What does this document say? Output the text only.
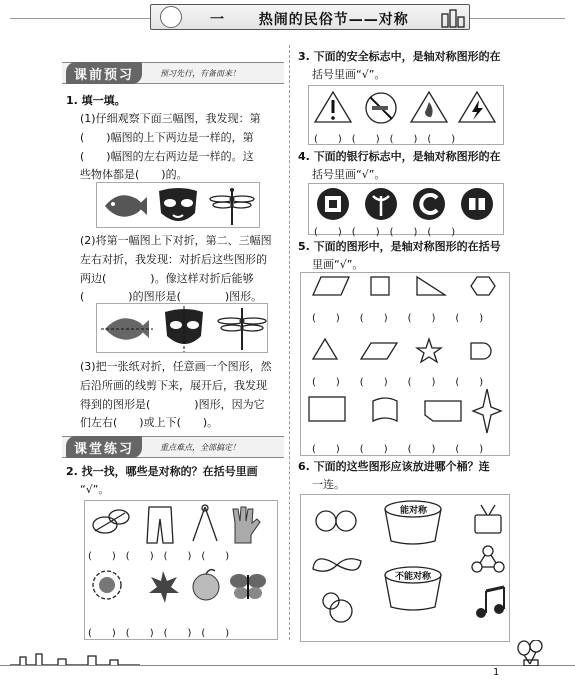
一 热闹的民俗节——对称
课前预习	预习先行，有备而来！
1. 填一填。
(1)仔细观察下面三幅图，我发现：第
(　　)幅图的上下两边是一样的，第
(　　)幅图的左右两边是一样的。这
些物体都是(　　)的。
(2)将第一幅图上下对折，第二、三幅图
左右对折，我发现：对折后这些图形的
两边(　　　　)。像这样对折后能够
(　　　　)的图形是(　　　　)图形。
(3)把一张纸对折，任意画一个图形，然
后沿所画的线剪下来，展开后，我发现
得到的图形是(　　　　)图形，因为它
们左右(　　)或上下(　　)。
课堂练习	重点难点，全部搞定！
2. 找一找，哪些是对称的？在括号里画
“√”。
(　　)　(　　)　(　　)　(　　)
(　　)　(　　)　(　　)　(　　)
3. 下面的安全标志中，是轴对称图形的在
括号里画“√”。
(　　)　(　　)　(　　)　(　　)
4. 下面的银行标志中，是轴对称图形的在
括号里画“√”。
(　　)　(　　)　(　　)　(　　)
5. 下面的图形中，是轴对称图形的在括号
里画“√”。
(　　)　　(　　)　　(　　)　　(　　)
(　　)　　(　　)　　(　　)　　(　　)
(　　)　　(　　)　　(　　)　　(　　)
6. 下面的这些图形应该放进哪个桶？连
一连。
能对称
不能对称
1
